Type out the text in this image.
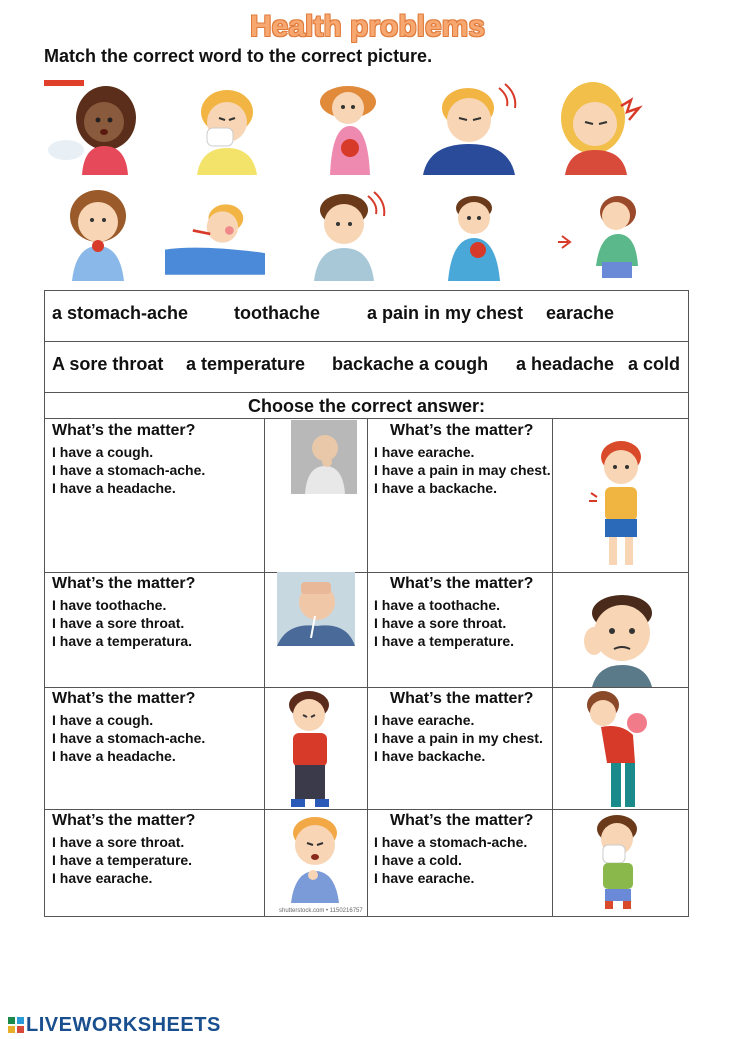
Health problems
Match the correct word to the correct picture.
a stomach-ache	toothache	a pain in my chest earache
A sore throat a temperature backache a cough a headache a cold
Choose the correct answer:
What’s the matter?
I have a cough.
I have a stomach-ache.
I have a headache.
What’s the matter?
I have earache.
I have a pain in may chest.
I have a backache.
What’s the matter?
I have toothache.
I have a sore throat.
I have a temperatura.
What’s the matter?
I have a toothache.
I have a sore throat.
I have a temperature.
What’s the matter?
I have a cough.
I have a stomach-ache.
I have a headache.
What’s the matter?
I have earache.
I have a pain in my chest.
I have backache.
What’s the matter?
I have a sore throat.
I have a temperature.
I have earache.
shutterstock.com • 1150216757
What’s the matter?
I have a stomach-ache.
I have a cold.
I have earache.
LIVEWORKSHEETS
